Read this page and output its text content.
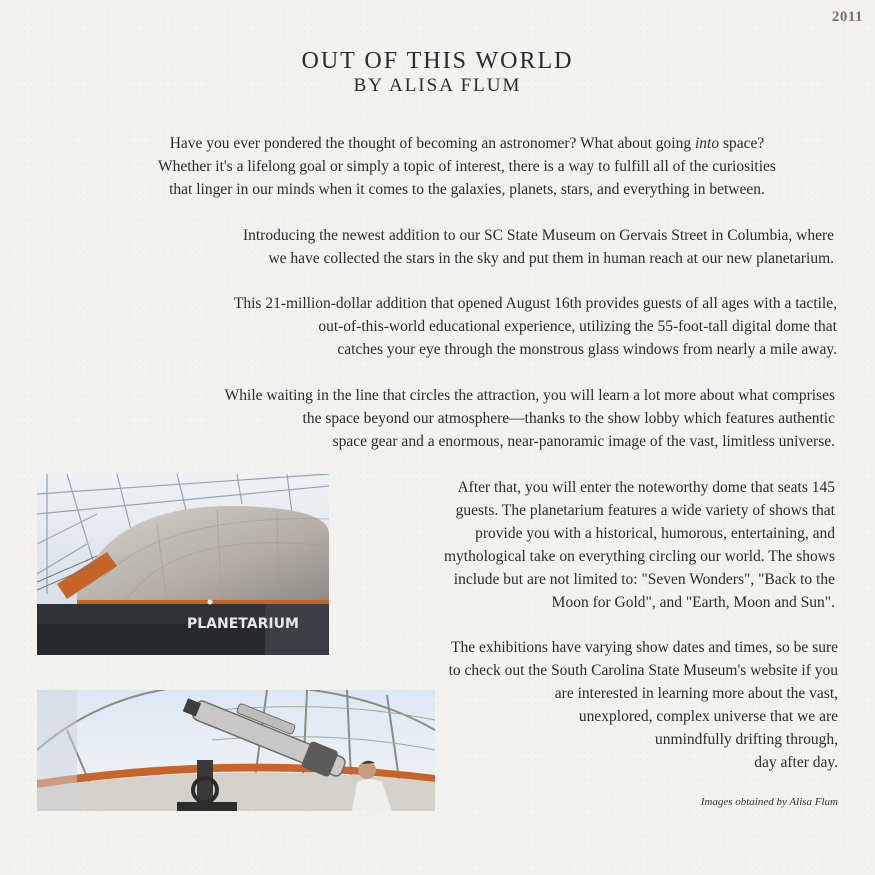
2011
OUT OF THIS WORLD
BY ALISA FLUM

Have you ever pondered the thought of becoming an astronomer? What about going into space?
Whether it's a lifelong goal or simply a topic of interest, there is a way to fulfill all of the curiosities
that linger in our minds when it comes to the galaxies, planets, stars, and everything in between.

Introducing the newest addition to our SC State Museum on Gervais Street in Columbia, where
we have collected the stars in the sky and put them in human reach at our new planetarium.

This 21-million-dollar addition that opened August 16th provides guests of all ages with a tactile,
out-of-this-world educational experience, utilizing the 55-foot-tall digital dome that
catches your eye through the monstrous glass windows from nearly a mile away.

While waiting in the line that circles the attraction, you will learn a lot more about what comprises
the space beyond our atmosphere—thanks to the show lobby which features authentic
space gear and a enormous, near-panoramic image of the vast, limitless universe.

PLANETARIUM

After that, you will enter the noteworthy dome that seats 145
guests. The planetarium features a wide variety of shows that
provide you with a historical, humorous, entertaining, and
mythological take on everything circling our world. The shows
include but are not limited to: "Seven Wonders", "Back to the
Moon for Gold", and "Earth, Moon and Sun".

The exhibitions have varying show dates and times, so be sure
to check out the South Carolina State Museum's website if you
are interested in learning more about the vast,
unexplored, complex universe that we are
unmindfully drifting through,
day after day.

Images obtained by Alisa Flum
